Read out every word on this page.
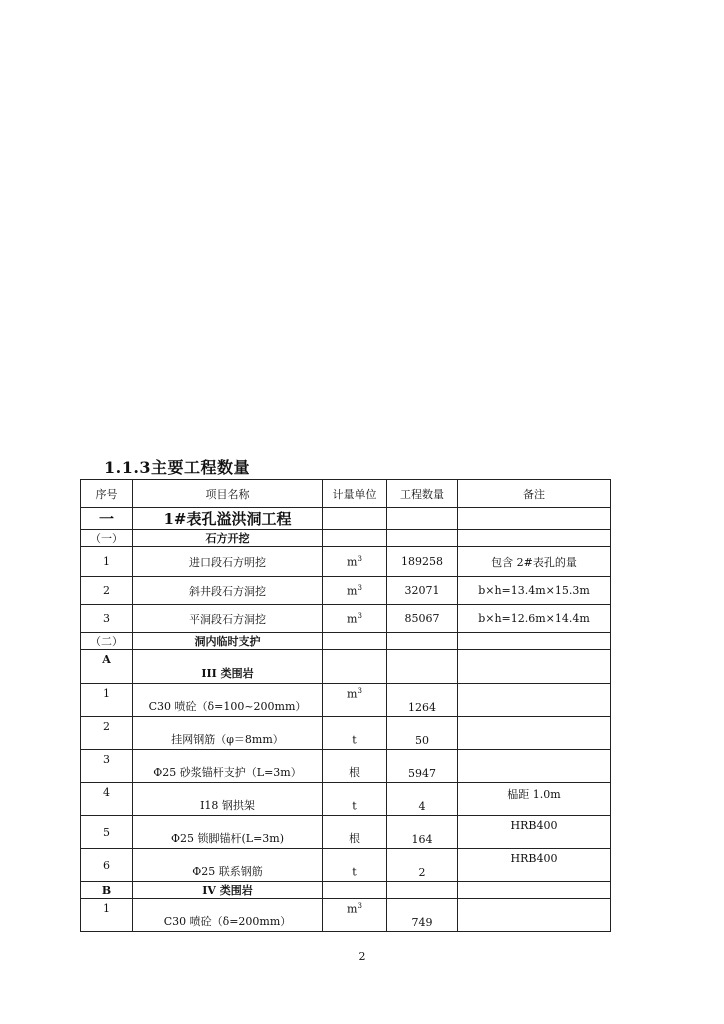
1.1.3主要工程数量
序号	项目名称	计量单位	工程数量	备注
一	1#表孔溢洪洞工程			
（一）	石方开挖			
1	进口段石方明挖	$m^3$	189258	包含 2#表孔的量
2	斜井段石方洞挖	$m^3$	32071	b×h=13.4m×15.3m
3	平洞段石方洞挖	$m^3$	85067	b×h=12.6m×14.4m
（二）	洞内临时支护			
A	III 类围岩			
1	C30 喷砼（δ=100~200mm）	$m^3$	1264	
2	挂网钢筋（φ＝8mm）	t	50	
3	Φ25 砂浆锚杆支护（L=3m）	根	5947	
4	Ⅰ18 钢拱架	t	4	榀距 1.0m
5	Φ25 锁脚锚杆(L=3m)	根	164	HRB400
6	Φ25 联系钢筋	t	2	HRB400
B	IV 类围岩			
1	C30 喷砼（δ=200mm）	$m^3$	749	
2
